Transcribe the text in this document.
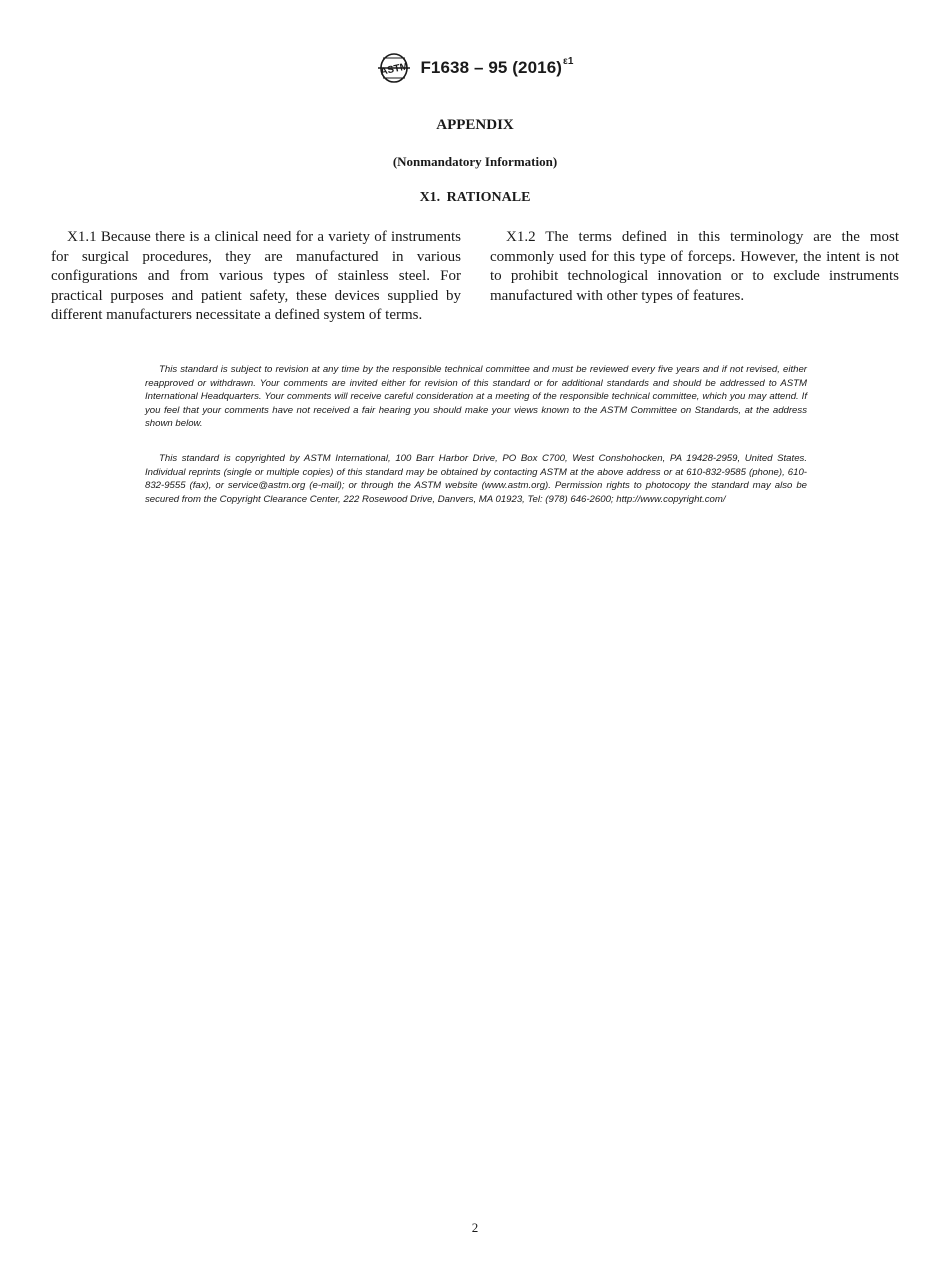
ASTM F1638 – 95 $(2016)^{\varepsilon 1}$
APPENDIX
(Nonmandatory Information)
X1. RATIONALE

X1.1 Because there is a clinical need for a variety of instruments for surgical procedures, they are manufactured in various configurations and from various types of stainless steel. For practical purposes and patient safety, these devices supplied by different manufacturers necessitate a defined system of terms.

X1.2 The terms defined in this terminology are the most commonly used for this type of forceps. However, the intent is not to prohibit technological innovation or to exclude instruments manufactured with other types of features.

This standard is subject to revision at any time by the responsible technical committee and must be reviewed every five years and if not revised, either reapproved or withdrawn. Your comments are invited either for revision of this standard or for additional standards and should be addressed to ASTM International Headquarters. Your comments will receive careful consideration at a meeting of the responsible technical committee, which you may attend. If you feel that your comments have not received a fair hearing you should make your views known to the ASTM Committee on Standards, at the address shown below.

This standard is copyrighted by ASTM International, 100 Barr Harbor Drive, PO Box C700, West Conshohocken, PA 19428-2959, United States. Individual reprints (single or multiple copies) of this standard may be obtained by contacting ASTM at the above address or at 610-832-9585 (phone), 610-832-9555 (fax), or service@astm.org (e-mail); or through the ASTM website (www.astm.org). Permission rights to photocopy the standard may also be secured from the Copyright Clearance Center, 222 Rosewood Drive, Danvers, MA 01923, Tel: (978) 646-2600; http://www.copyright.com/

2
